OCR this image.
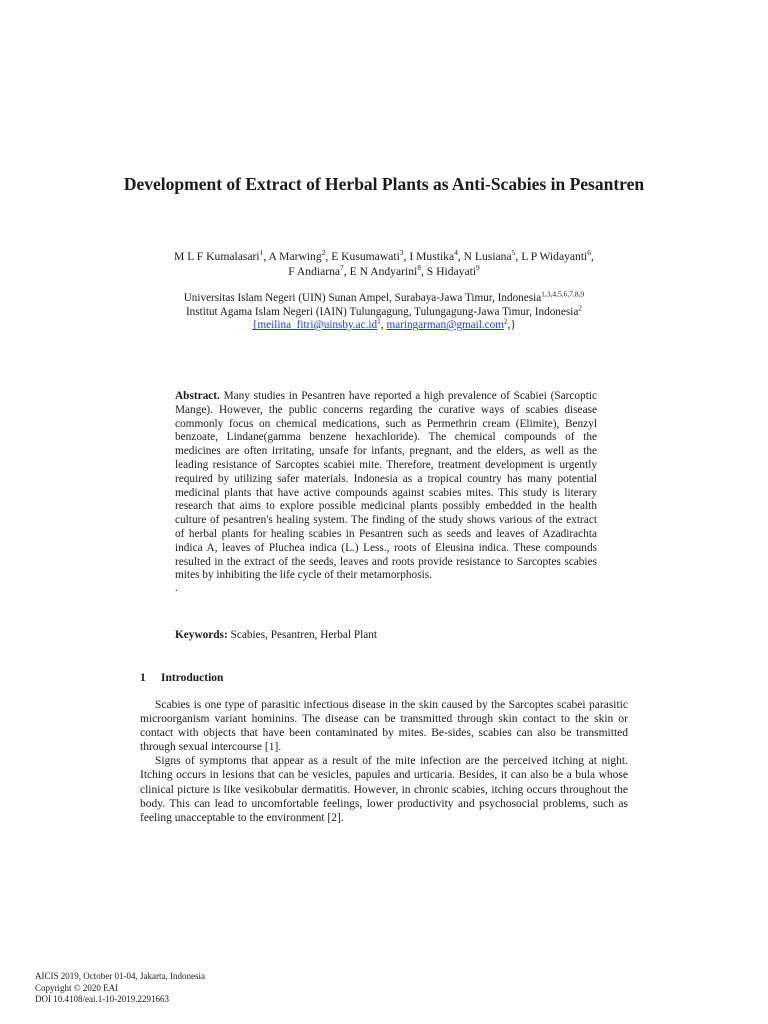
Development of Extract of Herbal Plants as Anti-Scabies in Pesantren
M L F Kumalasari$^1$, A Marwing$^2$, E Kusumawati$^3$, I Mustika$^4$, N Lusiana$^5$, L P Widayanti$^6$,
F Andiarna$^7$, E N Andyarini$^8$, S Hidayati$^9$
Universitas Islam Negeri (UIN) Sunan Ampel, Surabaya-Jawa Timur, Indonesia$^{1,3,4,5,6,7,8,9}$
Institut Agama Islam Negeri (IAIN) Tulungagung, Tulungagung-Jawa Timur, Indonesia$^2$
{$meilina\_fitri@uinsby.ac.id^1$, maringarman@gmail.com$^2$,}
Abstract. Many studies in Pesantren have reported a high prevalence of Scabiei (Sarcoptic Mange). However, the public concerns regarding the curative ways of scabies disease commonly focus on chemical medications, such as Permethrin cream (Elimite), Benzyl benzoate, Lindane(gamma benzene hexachloride). The chemical compounds of the medicines are often irritating, unsafe for infants, pregnant, and the elders, as well as the leading resistance of Sarcoptes scabiei mite. Therefore, treatment development is urgently required by utilizing safer materials. Indonesia as a tropical country has many potential medicinal plants that have active compounds against scabies mites. This study is literary research that aims to explore possible medicinal plants possibly embedded in the health culture of pesantren's healing system. The finding of the study shows various of the extract of herbal plants for healing scabies in Pesantren such as seeds and leaves of Azadirachta indica A, leaves of Pluchea indica (L.) Less., roots of Eleusina indica. These compounds resulted in the extract of the seeds, leaves and roots provide resistance to Sarcoptes scabies mites by inhibiting the life cycle of their metamorphosis.
.
Keywords: Scabies, Pesantren, Herbal Plant
1 Introduction

Scabies is one type of parasitic infectious disease in the skin caused by the Sarcoptes scabei parasitic microorganism variant hominins. The disease can be transmitted through skin contact to the skin or contact with objects that have been contaminated by mites. Be-sides, scabies can also be transmitted through sexual intercourse [1].

Signs of symptoms that appear as a result of the mite infection are the perceived itching at night. Itching occurs in lesions that can be vesicles, papules and urticaria. Besides, it can also be a bula whose clinical picture is like vesikobular dermatitis. However, in chronic scabies, itching occurs throughout the body. This can lead to uncomfortable feelings, lower productivity and psychosocial problems, such as feeling unacceptable to the environment [2].

AICIS 2019, October 01-04, Jakarta, Indonesia
Copyright © 2020 EAI
DOI 10.4108/eai.1-10-2019.2291663
